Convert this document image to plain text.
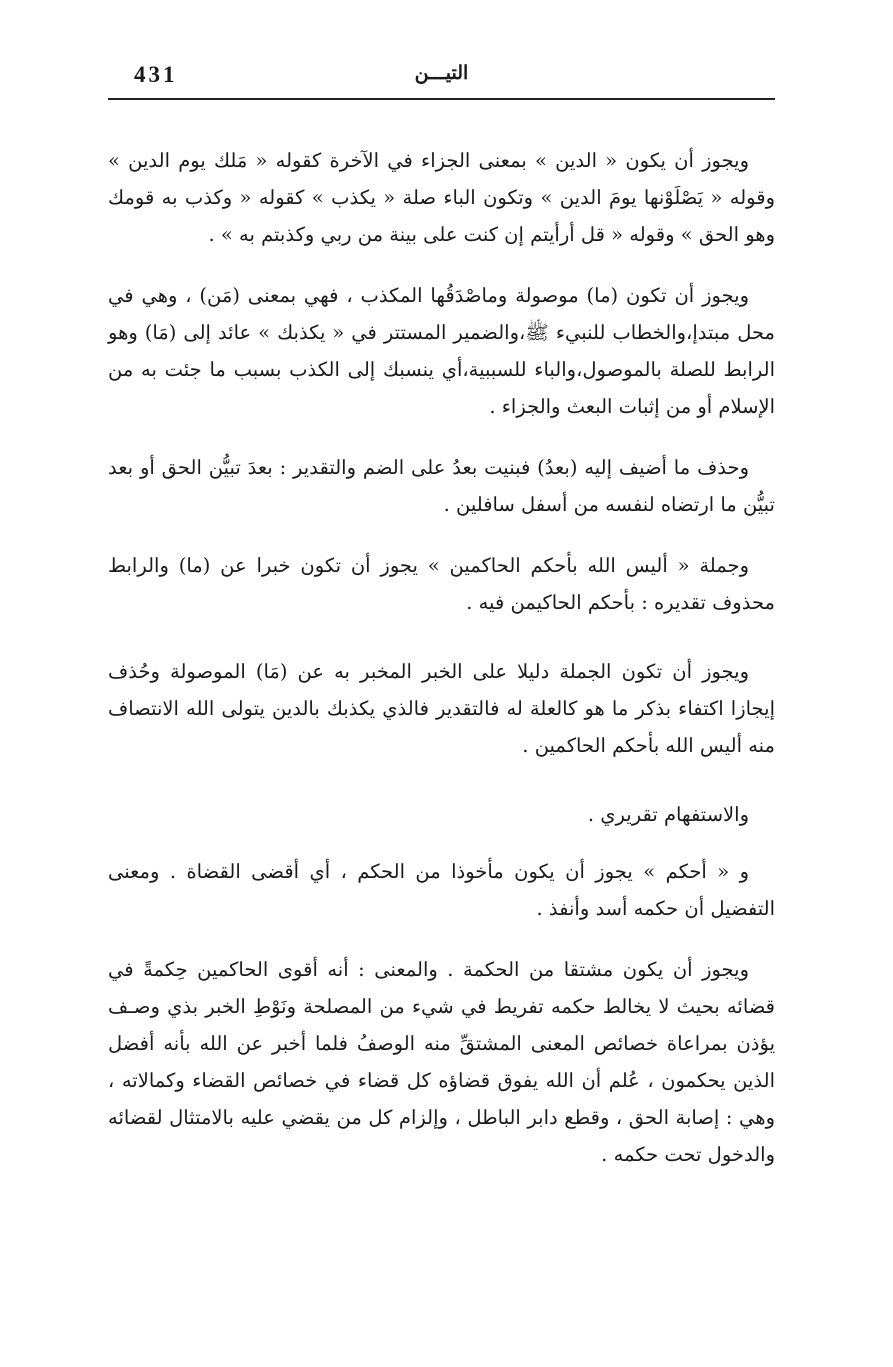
431	التيـــن

ويجوز أن يكون « الدين » بمعنى الجزاء في الآخرة كقوله « مَلك يوم الدين » وقوله « يَصْلَوْنها يومَ الدين » وتكون الباء صلة « يكذب » كقوله « وكذب به قومك وهو الحق » وقوله « قل أرأيتم إن كنت على بينة من ربي وكذبتم به » .

ويجوز أن تكون (ما) موصولة وماصْدَقُها المكذب ، فهي بمعنى (مَن) ، وهي في محل مبتدإ،والخطاب للنبيء ﷺ،والضمير المستتر في « يكذبك » عائد إلى (مَا) وهو الرابط للصلة بالموصول،والباء للسببية،أي ينسبك إلى الكذب بسبب ما جئت به من الإسلام أو من إثبات البعث والجزاء .

وحذف ما أضيف إليه (بعدُ) فبنيت بعدُ على الضم والتقدير : بعدَ تبيُّن الحق أو بعد تبيُّن ما ارتضاه لنفسه من أسفل سافلين .

وجملة « أليس الله بأحكم الحاكمين » يجوز أن تكون خبرا عن (ما) والرابط محذوف تقديره : بأحكم الحاكيمن فيه .

ويجوز أن تكون الجملة دليلا على الخبر المخبر به عن (مَا) الموصولة وحُذف إيجازا اكتفاء بذكر ما هو كالعلة له فالتقدير فالذي يكذبك بالدين يتولى الله الانتصاف منه أليس الله بأحكم الحاكمين .

والاستفهام تقريري .

و « أحكم » يجوز أن يكون مأخوذا من الحكم ، أي أقضى القضاة . ومعنى التفضيل أن حكمه أسد وأنفذ .

ويجوز أن يكون مشتقا من الحكمة . والمعنى : أنه أقوى الحاكمين حِكمةً في قضائه بحيث لا يخالط حكمه تفريط في شيء من المصلحة ونَوْطِ الخبر بذي وصـف يؤذن بمراعاة خصائص المعنى المشتقِّ منه الوصفُ فلما أخبر عن الله بأنه أفضل الذين يحكمون ، عُلم أن الله يفوق قضاؤه كل قضاء في خصائص القضاء وكمالاته ، وهي : إصابة الحق ، وقطع دابر الباطل ، وإلزام كل من يقضي عليه بالامتثال لقضائه والدخول تحت حكمه .
